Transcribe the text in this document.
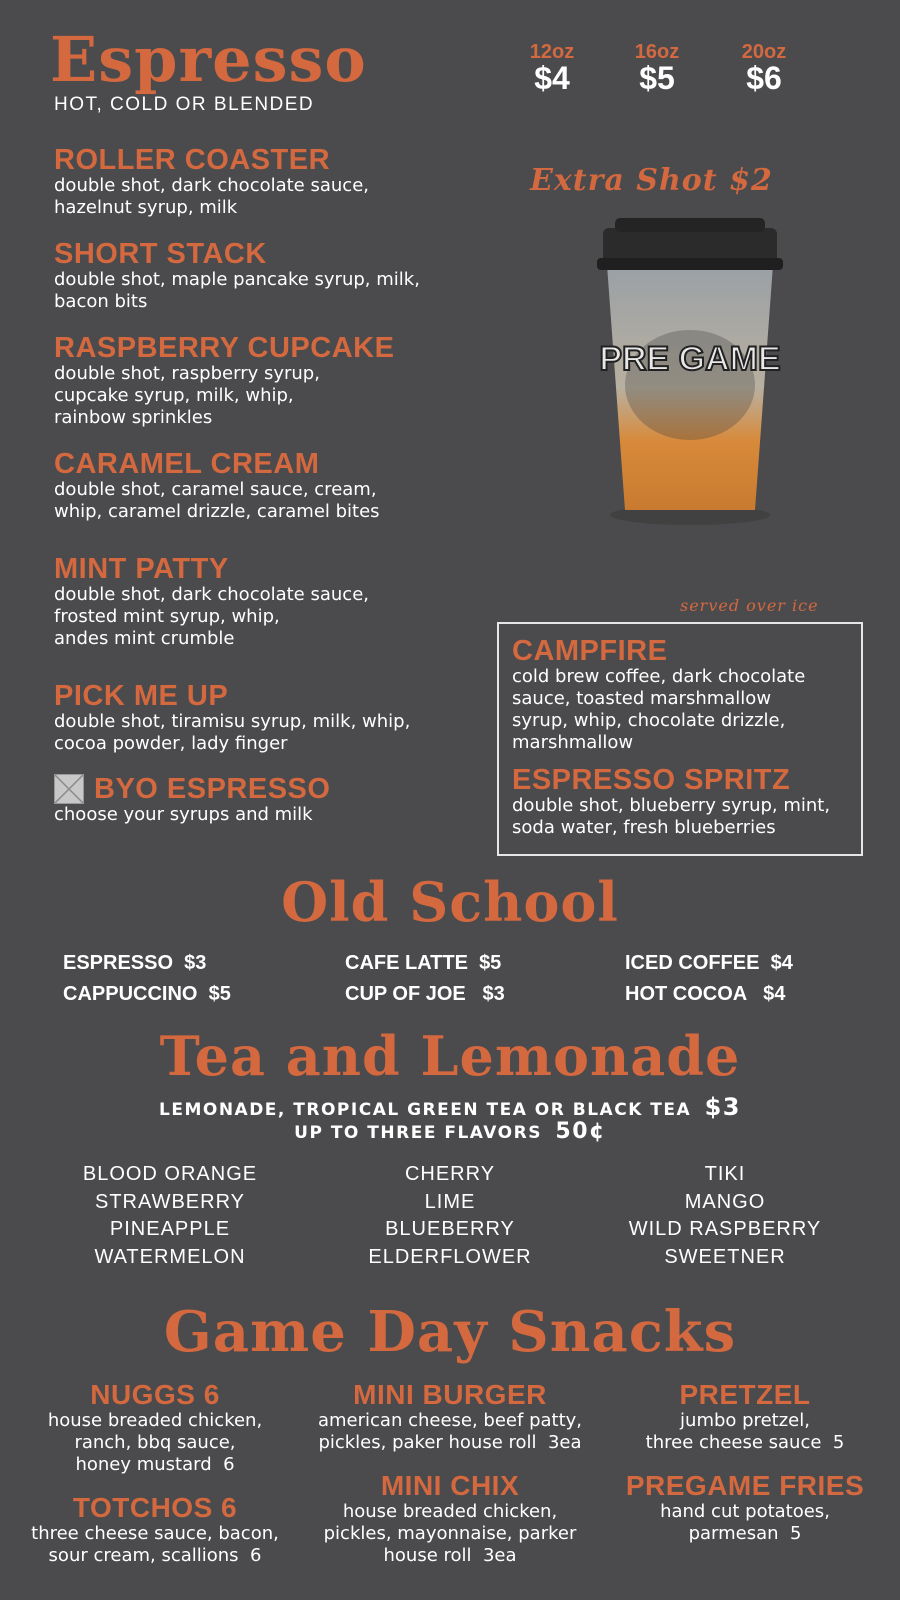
Espresso
HOT, COLD OR BLENDED
12oz
$4
16oz
$5
20oz
$6
Extra Shot $2
PRE GAME
ROLLER COASTER
double shot, dark chocolate sauce,
hazelnut syrup, milk
SHORT STACK
double shot, maple pancake syrup, milk,
bacon bits
RASPBERRY CUPCAKE
double shot, raspberry syrup,
cupcake syrup, milk, whip,
rainbow sprinkles
CARAMEL CREAM
double shot, caramel sauce, cream,
whip, caramel drizzle, caramel bites
MINT PATTY
double shot, dark chocolate sauce,
frosted mint syrup, whip,
andes mint crumble
PICK ME UP
double shot, tiramisu syrup, milk, whip,
cocoa powder, lady finger
BYO ESPRESSO
choose your syrups and milk
served over ice
CAMPFIRE
cold brew coffee, dark chocolate
sauce, toasted marshmallow
syrup, whip, chocolate drizzle,
marshmallow
ESPRESSO SPRITZ
double shot, blueberry syrup, mint,
soda water, fresh blueberries
Old School
ESPRESSO  $3
CAPPUCCINO  $5
CAFE LATTE  $5
CUP OF JOE   $3
ICED COFFEE  $4
HOT COCOA   $4
Tea and Lemonade
LEMONADE, TROPICAL GREEN TEA OR BLACK TEA $3
UP TO THREE FLAVORS 50¢
BLOOD ORANGE
STRAWBERRY
PINEAPPLE
WATERMELON
CHERRY
LIME
BLUEBERRY
ELDERFLOWER
TIKI
MANGO
WILD RASPBERRY
SWEETNER
Game Day Snacks
NUGGS 6
house breaded chicken,
ranch, bbq sauce,
honey mustard  6
TOTCHOS 6
three cheese sauce, bacon,
sour cream, scallions  6
MINI BURGER
american cheese, beef patty,
pickles, paker house roll  3ea
MINI CHIX
house breaded chicken,
pickles, mayonnaise, parker
house roll  3ea
PRETZEL
jumbo pretzel,
three cheese sauce  5
PREGAME FRIES
hand cut potatoes,
parmesan  5
